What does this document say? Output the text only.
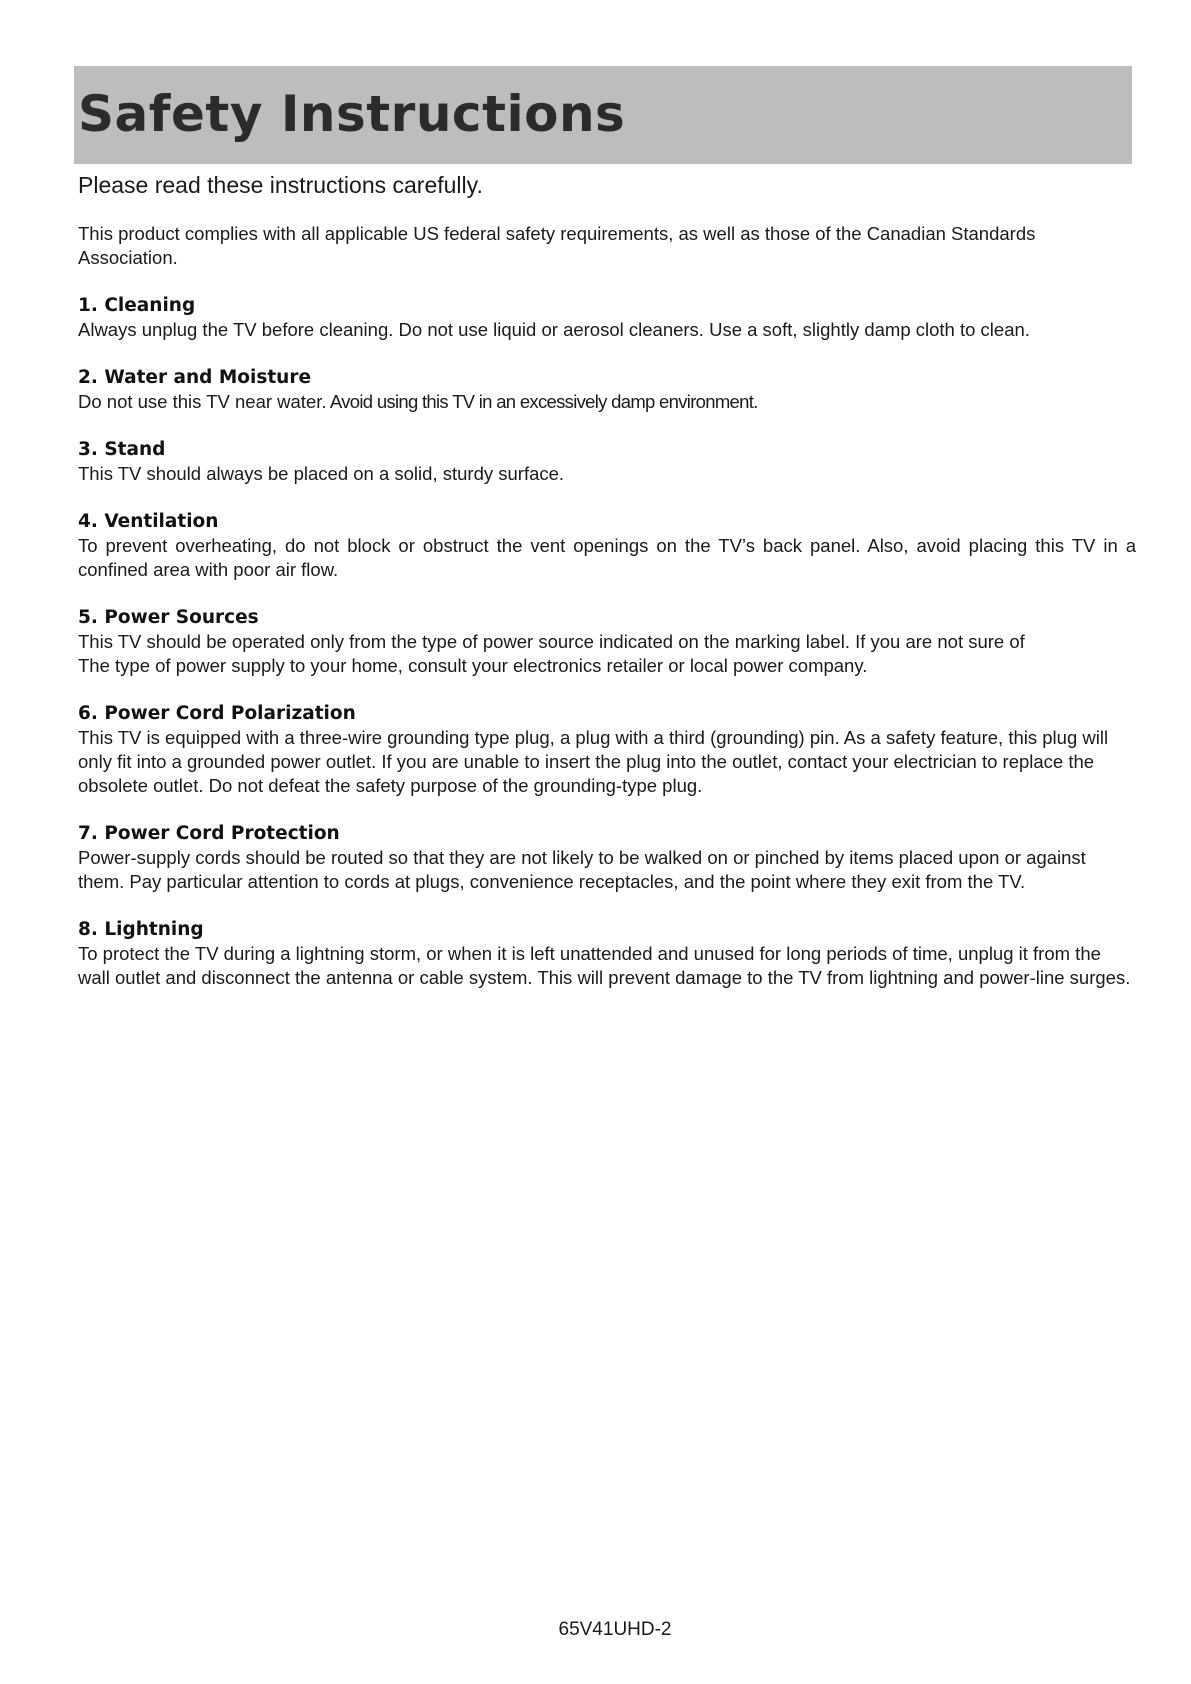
Safety Instructions

Please read these instructions carefully.

This product complies with all applicable US federal safety requirements, as well as those of the Canadian Standards Association.

1. Cleaning

Always unplug the TV before cleaning. Do not use liquid or aerosol cleaners. Use a soft, slightly damp cloth to clean.

2. Water and Moisture

Do not use this TV near water. Avoid using this TV in an excessively damp environment.

3. Stand

This TV should always be placed on a solid, sturdy surface.

4. Ventilation

To prevent overheating, do not block or obstruct the vent openings on the TV’s back panel. Also, avoid placing this TV in a confined area with poor air flow.

5. Power Sources

This TV should be operated only from the type of power source indicated on the marking label. If you are not sure of

The type of power supply to your home, consult your electronics retailer or local power company.

6. Power Cord Polarization

This TV is equipped with a three-wire grounding type plug, a plug with a third (grounding) pin. As a safety feature, this plug will only fit into a grounded power outlet. If you are unable to insert the plug into the outlet, contact your electrician to replace the obsolete outlet. Do not defeat the safety purpose of the grounding-type plug.

7. Power Cord Protection

Power-supply cords should be routed so that they are not likely to be walked on or pinched by items placed upon or against them. Pay particular attention to cords at plugs, convenience receptacles, and the point where they exit from the TV.

8. Lightning

To protect the TV during a lightning storm, or when it is left unattended and unused for long periods of time, unplug it from the wall outlet and disconnect the antenna or cable system. This will prevent damage to the TV from lightning and power-line surges.

65V41UHD-2
